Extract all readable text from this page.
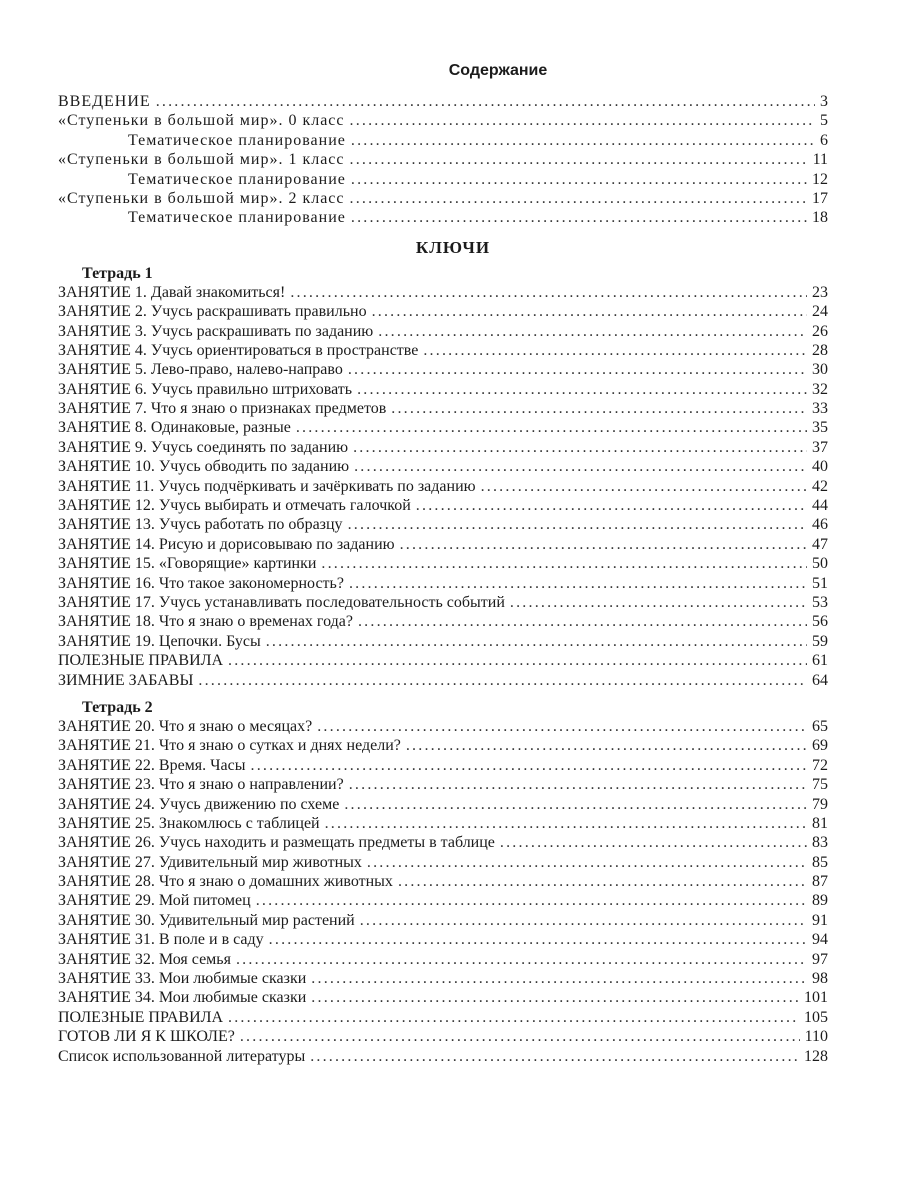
Содержание
ВВЕДЕНИЕ .....	3
«Ступеньки в большой мир». 0 класс .....	5
Тематическое планирование .....	6
«Ступеньки в большой мир». 1 класс .....	11
Тематическое планирование .....	12
«Ступеньки в большой мир». 2 класс .....	17
Тематическое планирование .....	18
КЛЮЧИ
Тетрадь 1
ЗАНЯТИЕ 1. Давай знакомиться! .....	23
ЗАНЯТИЕ 2. Учусь раскрашивать правильно .....	24
ЗАНЯТИЕ 3. Учусь раскрашивать по заданию .....	26
ЗАНЯТИЕ 4. Учусь ориентироваться в пространстве .....	28
ЗАНЯТИЕ 5. Лево-право, налево-направо .....	30
ЗАНЯТИЕ 6. Учусь правильно штриховать .....	32
ЗАНЯТИЕ 7. Что я знаю о признаках предметов .....	33
ЗАНЯТИЕ 8. Одинаковые, разные .....	35
ЗАНЯТИЕ 9. Учусь соединять по заданию .....	37
ЗАНЯТИЕ 10. Учусь обводить по заданию .....	40
ЗАНЯТИЕ 11. Учусь подчёркивать и зачёркивать по заданию .....	42
ЗАНЯТИЕ 12. Учусь выбирать и отмечать галочкой .....	44
ЗАНЯТИЕ 13. Учусь работать по образцу .....	46
ЗАНЯТИЕ 14. Рисую и дорисовываю по заданию .....	47
ЗАНЯТИЕ 15. «Говорящие» картинки .....	50
ЗАНЯТИЕ 16. Что такое закономерность? .....	51
ЗАНЯТИЕ 17. Учусь устанавливать последовательность событий .....	53
ЗАНЯТИЕ 18. Что я знаю о временах года? .....	56
ЗАНЯТИЕ 19. Цепочки. Бусы .....	59
ПОЛЕЗНЫЕ ПРАВИЛА .....	61
ЗИМНИЕ ЗАБАВЫ .....	64
Тетрадь 2
ЗАНЯТИЕ 20. Что я знаю о месяцах? .....	65
ЗАНЯТИЕ 21. Что я знаю о сутках и днях недели? .....	69
ЗАНЯТИЕ 22. Время. Часы .....	72
ЗАНЯТИЕ 23. Что я знаю о направлении? .....	75
ЗАНЯТИЕ 24. Учусь движению по схеме .....	79
ЗАНЯТИЕ 25. Знакомлюсь с таблицей .....	81
ЗАНЯТИЕ 26. Учусь находить и размещать предметы в таблице .....	83
ЗАНЯТИЕ 27. Удивительный мир животных .....	85
ЗАНЯТИЕ 28. Что я знаю о домашних животных .....	87
ЗАНЯТИЕ 29. Мой питомец .....	89
ЗАНЯТИЕ 30. Удивительный мир растений .....	91
ЗАНЯТИЕ 31. В поле и в саду .....	94
ЗАНЯТИЕ 32. Моя семья .....	97
ЗАНЯТИЕ 33. Мои любимые сказки .....	98
ЗАНЯТИЕ 34. Мои любимые сказки .....	101
ПОЛЕЗНЫЕ ПРАВИЛА .....	105
ГОТОВ ЛИ Я К ШКОЛЕ? .....	110
Список использованной литературы .....	128
